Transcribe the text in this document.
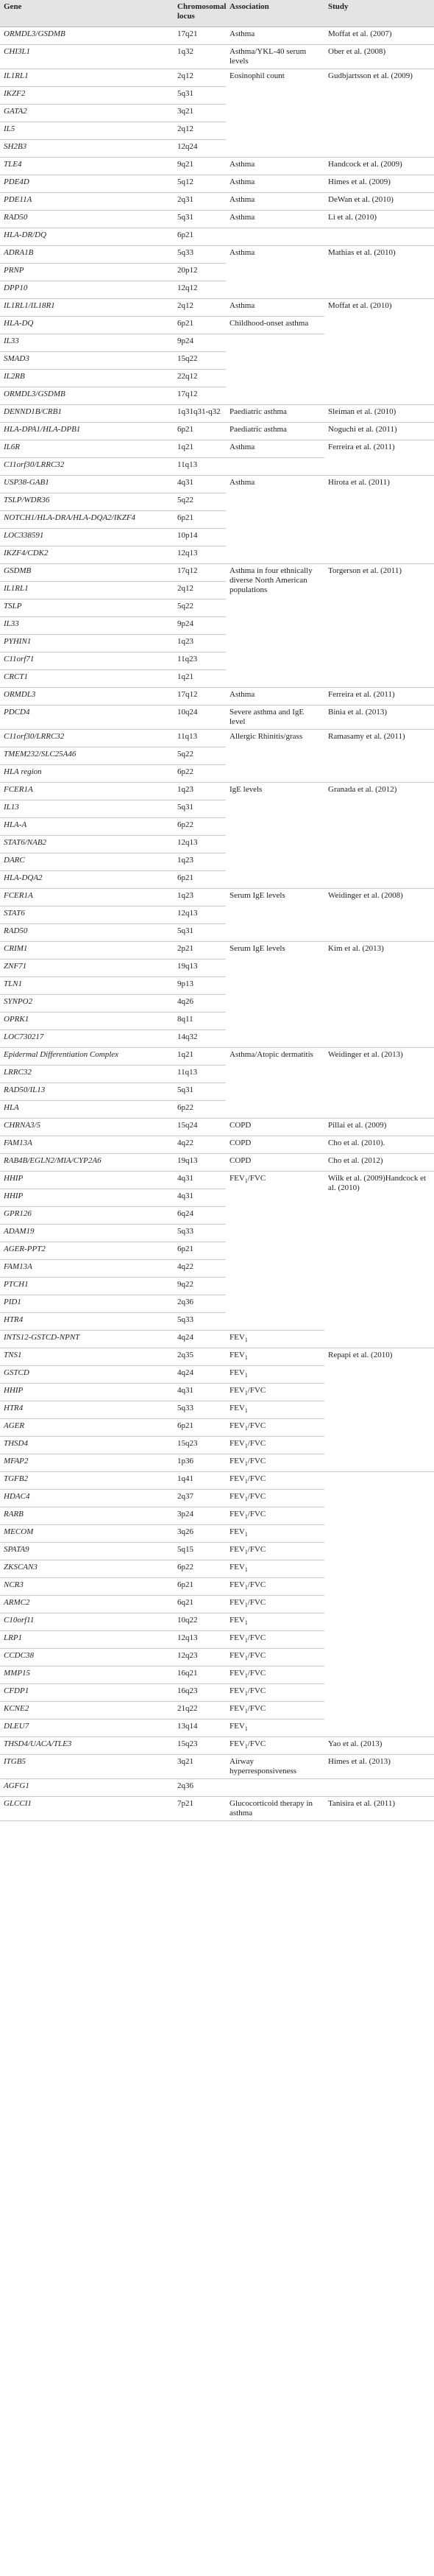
Gene	Chromosomal locus	Association	Study
ORMDL3/GSDMB	17q21	Asthma	Moffat et al. (2007)
CHI3L1	1q32	Asthma/YKL-40 serum levels	Ober et al. (2008)
IL1RL1	2q12	Eosinophil count	Gudbjartsson et al. (2009)
IKZF2	5q31		
GATA2	3q21		
IL5	2q12		
SH2B3	12q24		
TLE4	9q21	Asthma	Handcock et al. (2009)
PDE4D	5q12	Asthma	Himes et al. (2009)
PDE11A	2q31	Asthma	DeWan et al. (2010)
RAD50	5q31	Asthma	Li et al. (2010)
HLA-DR/DQ	6p21		
ADRA1B	5q33	Asthma	Mathias et al. (2010)
PRNP	20p12		
DPP10	12q12		
IL1RL1/IL18R1	2q12	Asthma	Moffat et al. (2010)
HLA-DQ	6p21	Childhood-onset asthma	
IL33	9p24		
SMAD3	15q22		
IL2RB	22q12		
ORMDL3/GSDMB	17q12		
DENND1B/CRB1	1q31q31-q32	Paediatric asthma	Sleiman et al. (2010)
HLA-DPA1/HLA-DPB1	6p21	Paediatric asthma	Noguchi et al. (2011)
IL6R	1q21	Asthma	Ferreira et al. (2011)
C11orf30/LRRC32	11q13		
USP38-GAB1	4q31	Asthma	Hirota et al. (2011)
TSLP/WDR36	5q22		
NOTCH1/HLA-DRA/HLA-DQA2/IKZF4	6p21		
LOC338591	10p14		
IKZF4/CDK2	12q13		
GSDMB	17q12	Asthma in four ethnically diverse North American populations	Torgerson et al. (2011)
IL1RL1	2q12		
TSLP	5q22		
IL33	9p24		
PYHIN1	1q23		
C11orf71	11q23		
CRCT1	1q21		
ORMDL3	17q12	Asthma	Ferreira et al. (2011)
PDCD4	10q24	Severe asthma and IgE level	Binia et al. (2013)
C11orf30/LRRC32	11q13	Allergic Rhinitis/grass	Ramasamy et al. (2011)
TMEM232/SLC25A46	5q22		
HLA region	6p22		
FCER1A	1q23	IgE levels	Granada et al. (2012)
IL13	5q31		
HLA-A	6p22		
STAT6/NAB2	12q13		
DARC	1q23		
HLA-DQA2	6p21		
FCER1A	1q23	Serum IgE levels	Weidinger et al. (2008)
STAT6	12q13		
RAD50	5q31		
CRIM1	2p21	Serum IgE levels	Kim et al. (2013)
ZNF71	19q13		
TLN1	9p13		
SYNPO2	4q26		
OPRK1	8q11		
LOC730217	14q32		
Epidermal Differentiation Complex	1q21	Asthma/Atopic dermatitis	Weidinger et al. (2013)
LRRC32	11q13		
RAD50/IL13	5q31		
HLA	6p22		
CHRNA3/5	15q24	COPD	Pillai et al. (2009)
FAM13A	4q22	COPD	Cho et al. (2010).
RAB4B/EGLN2/MIA/CYP2A6	19q13	COPD	Cho et al. (2012)
HHIP	4q31	$FEV_1$/FVC	Wilk et al. (2009)Handcock et al. (2010)
HHIP	4q31		
GPR126	6q24		
ADAM19	5q33		
AGER-PPT2	6p21		
FAM13A	4q22		
PTCH1	9q22		
PID1	2q36		
HTR4	5q33		
INTS12-GSTCD-NPNT	4q24	$FEV_1$
TNS1	2q35	$FEV_1$	Repapi et al. (2010)
GSTCD	4q24	$FEV_1$
HHIP	4q31	$FEV_1$/FVC	
HTR4	5q33	$FEV_1$
AGER	6p21	$FEV_1$/FVC	
THSD4	15q23	$FEV_1$/FVC	
MFAP2	1p36	$FEV_1$/FVC	
TGFB2	1q41	$FEV_1$/FVC	
HDAC4	2q37	$FEV_1$/FVC	
RARB	3p24	$FEV_1$/FVC	
MECOM	3q26	$FEV_1$
SPATA9	5q15	$FEV_1$/FVC	
ZKSCAN3	6p22	$FEV_1$
NCR3	6p21	$FEV_1$/FVC	
ARMC2	6q21	$FEV_1$/FVC	
C10orf11	10q22	$FEV_1$
LRP1	12q13	$FEV_1$/FVC	
CCDC38	12q23	$FEV_1$/FVC	
MMP15	16q21	$FEV_1$/FVC	
CFDP1	16q23	$FEV_1$/FVC	
KCNE2	21q22	$FEV_1$/FVC	
DLEU7	13q14	$FEV_1$
THSD4/UACA/TLE3	15q23	$FEV_1$/FVC	Yao et al. (2013)
ITGB5	3q21	Airway hyperresponsiveness	Himes et al. (2013)
AGFG1	2q36		
GLCCI1	7p21	Glucocorticoid therapy in asthma	Tanisira et al. (2011)
